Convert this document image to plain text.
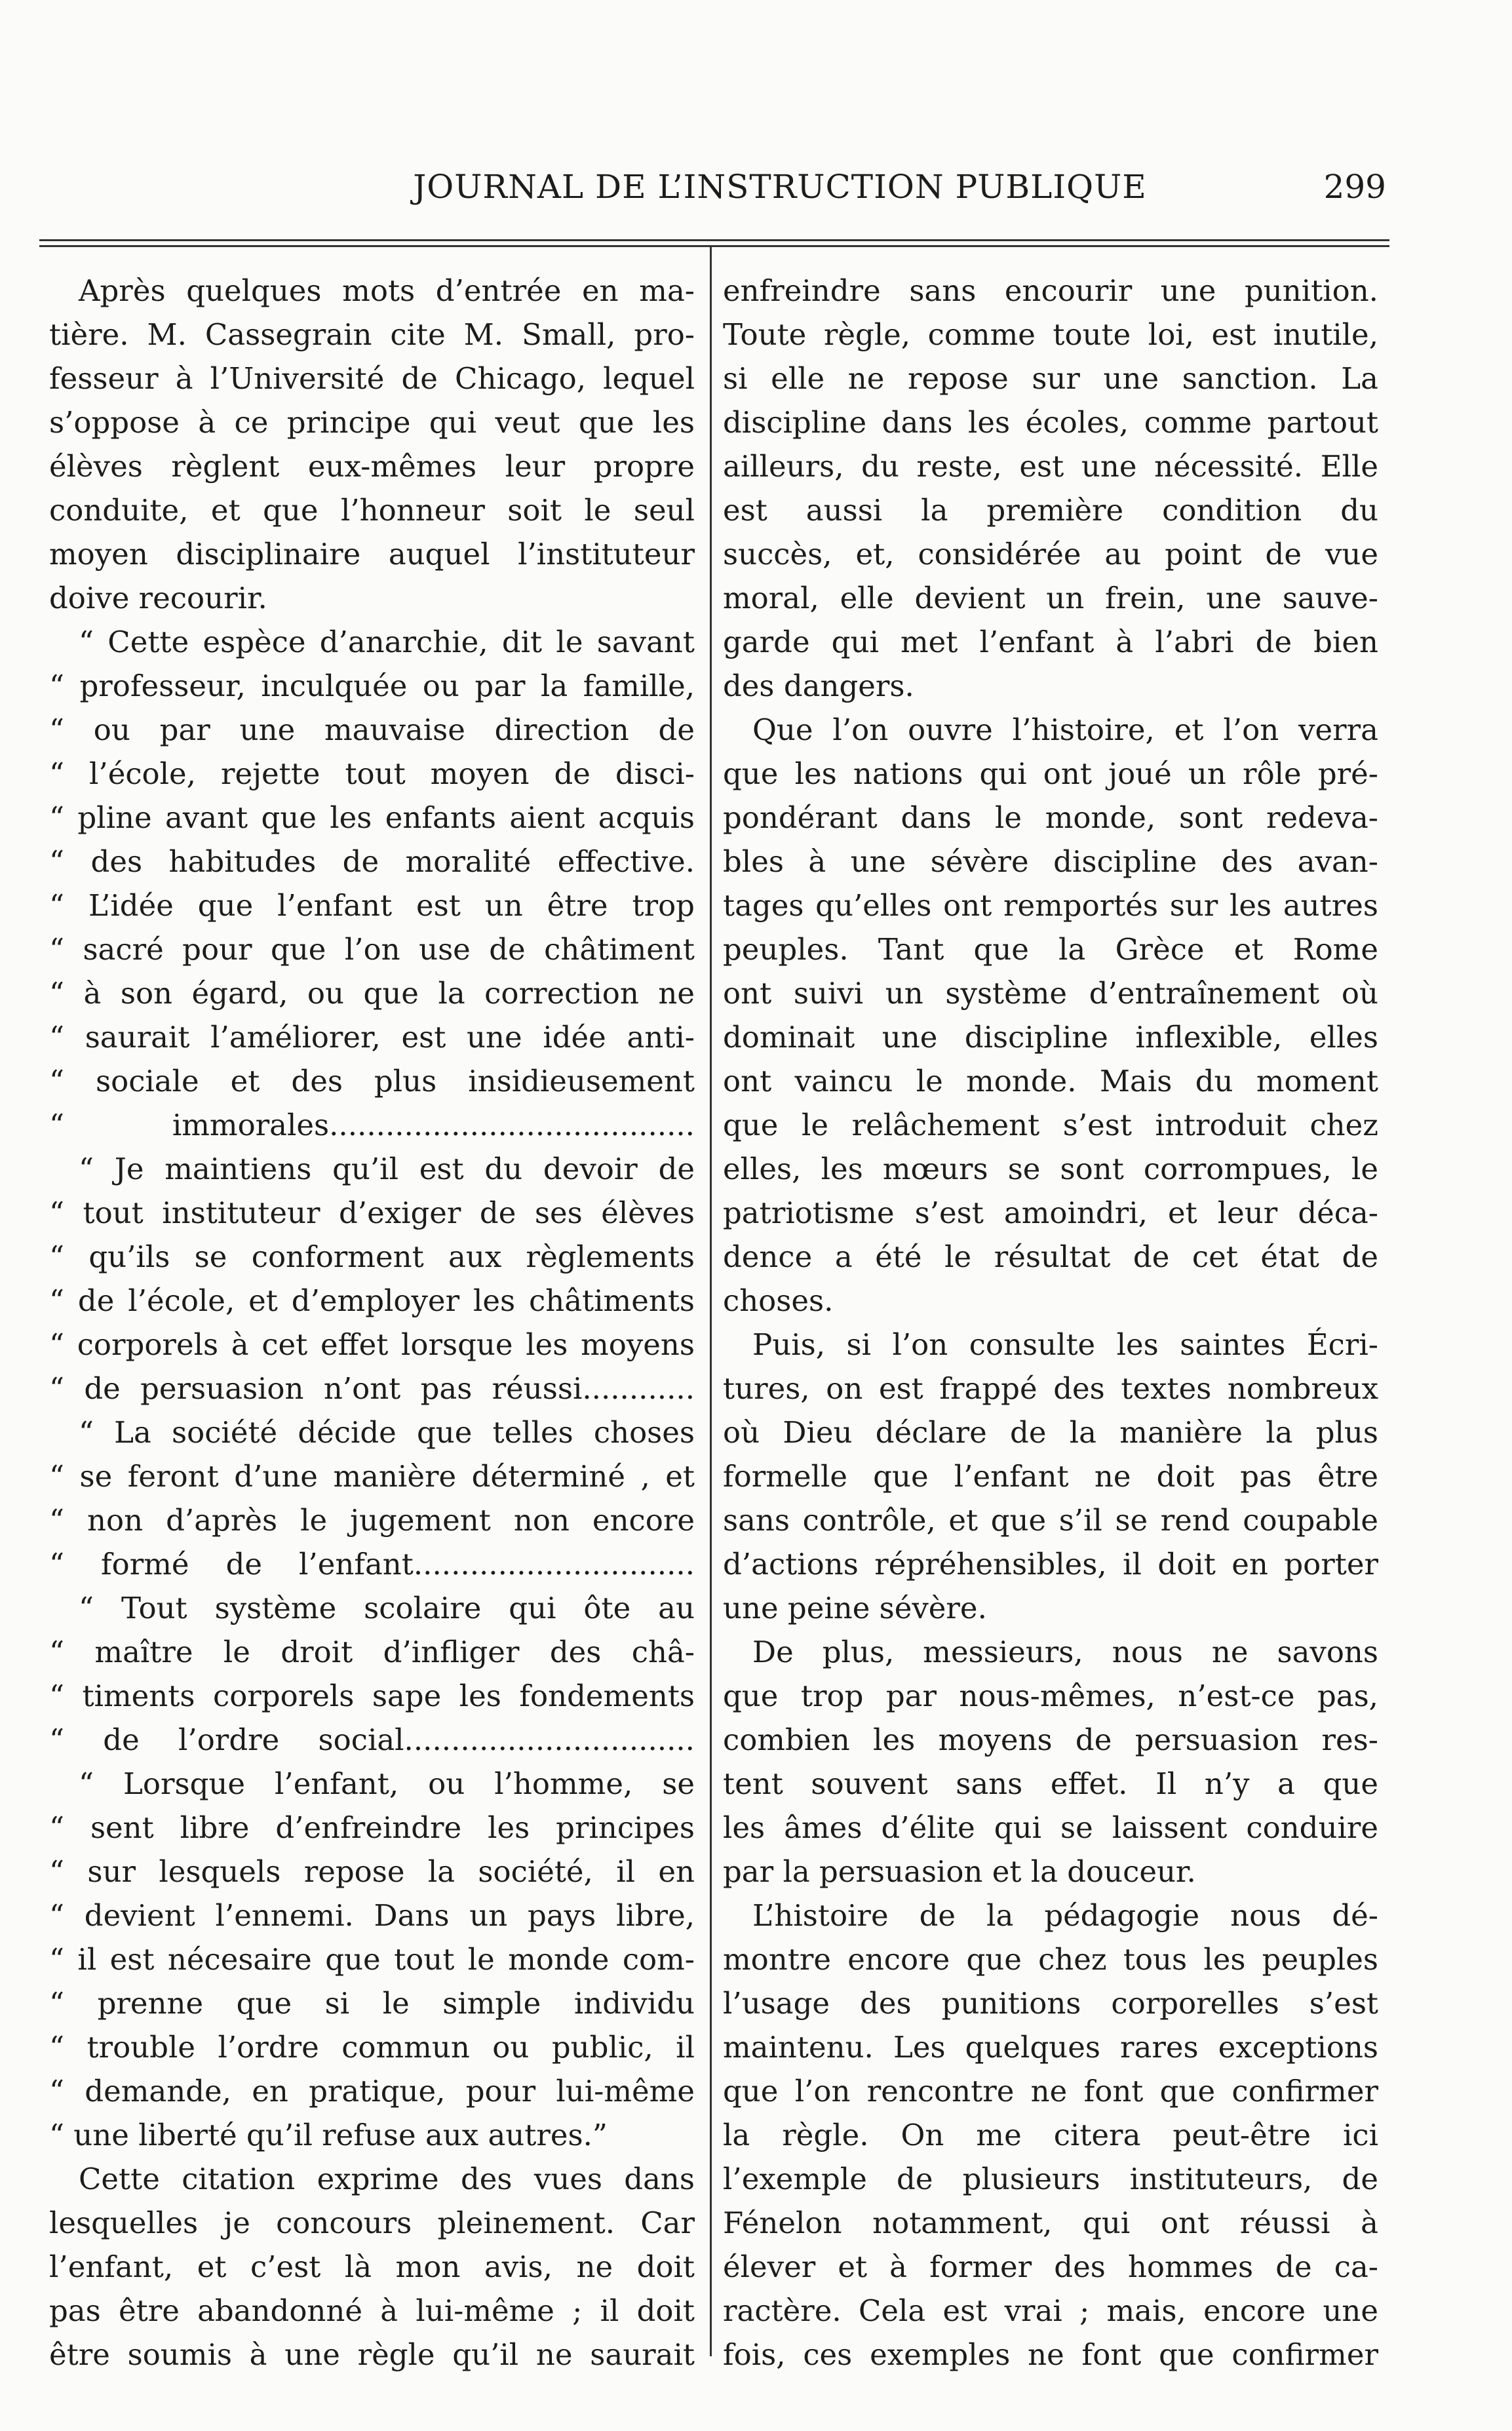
JOURNAL DE L’INSTRUCTION PUBLIQUE	299
Après quelques mots d’entrée en ma-
tière. M. Cassegrain cite M. Small, pro-
fesseur à l’Université de Chicago, lequel
s’oppose à ce principe qui veut que les
élèves règlent eux-mêmes leur propre
conduite, et que l’honneur soit le seul
moyen disciplinaire auquel l’instituteur
doive recourir.
“ Cette espèce d’anarchie, dit le savant
“ professeur, inculquée ou par la famille,
“ ou par une mauvaise direction de
“ l’école, rejette tout moyen de disci-
“ pline avant que les enfants aient acquis
“ des habitudes de moralité effective.
“ L’idée que l’enfant est un être trop
“ sacré pour que l’on use de châtiment
“ à son égard, ou que la correction ne
“ saurait l’améliorer, est une idée anti-
“ sociale et des plus insidieusement
“ immorales.......................................
“ Je maintiens qu’il est du devoir de
“ tout instituteur d’exiger de ses élèves
“ qu’ils se conforment aux règlements
“ de l’école, et d’employer les châtiments
“ corporels à cet effet lorsque les moyens
“ de persuasion n’ont pas réussi............
“ La société décide que telles choses
“ se feront d’une manière déterminé , et
“ non d’après le jugement non encore
“ formé de l’enfant..............................
“ Tout système scolaire qui ôte au
“ maître le droit d’infliger des châ-
“ timents corporels sape les fondements
“ de l’ordre social...............................
“ Lorsque l’enfant, ou l’homme, se
“ sent libre d’enfreindre les principes
“ sur lesquels repose la société, il en
“ devient l’ennemi. Dans un pays libre,
“ il est nécesaire que tout le monde com-
“ prenne que si le simple individu
“ trouble l’ordre commun ou public, il
“ demande, en pratique, pour lui-même
“ une liberté qu’il refuse aux autres.”
Cette citation exprime des vues dans
lesquelles je concours pleinement. Car
l’enfant, et c’est là mon avis, ne doit
pas être abandonné à lui-même ; il doit
être soumis à une règle qu’il ne saurait
enfreindre sans encourir une punition.
Toute règle, comme toute loi, est inutile,
si elle ne repose sur une sanction. La
discipline dans les écoles, comme partout
ailleurs, du reste, est une nécessité. Elle
est aussi la première condition du
succès, et, considérée au point de vue
moral, elle devient un frein, une sauve-
garde qui met l’enfant à l’abri de bien
des dangers.
Que l’on ouvre l’histoire, et l’on verra
que les nations qui ont joué un rôle pré-
pondérant dans le monde, sont redeva-
bles à une sévère discipline des avan-
tages qu’elles ont remportés sur les autres
peuples. Tant que la Grèce et Rome
ont suivi un système d’entraînement où
dominait une discipline inflexible, elles
ont vaincu le monde. Mais du moment
que le relâchement s’est introduit chez
elles, les mœurs se sont corrompues, le
patriotisme s’est amoindri, et leur déca-
dence a été le résultat de cet état de
choses.
Puis, si l’on consulte les saintes Écri-
tures, on est frappé des textes nombreux
où Dieu déclare de la manière la plus
formelle que l’enfant ne doit pas être
sans contrôle, et que s’il se rend coupable
d’actions répréhensibles, il doit en porter
une peine sévère.
De plus, messieurs, nous ne savons
que trop par nous-mêmes, n’est-ce pas,
combien les moyens de persuasion res-
tent souvent sans effet. Il n’y a que
les âmes d’élite qui se laissent conduire
par la persuasion et la douceur.
L’histoire de la pédagogie nous dé-
montre encore que chez tous les peuples
l’usage des punitions corporelles s’est
maintenu. Les quelques rares exceptions
que l’on rencontre ne font que confirmer
la règle. On me citera peut-être ici
l’exemple de plusieurs instituteurs, de
Fénelon notamment, qui ont réussi à
élever et à former des hommes de ca-
ractère. Cela est vrai ; mais, encore une
fois, ces exemples ne font que confirmer
